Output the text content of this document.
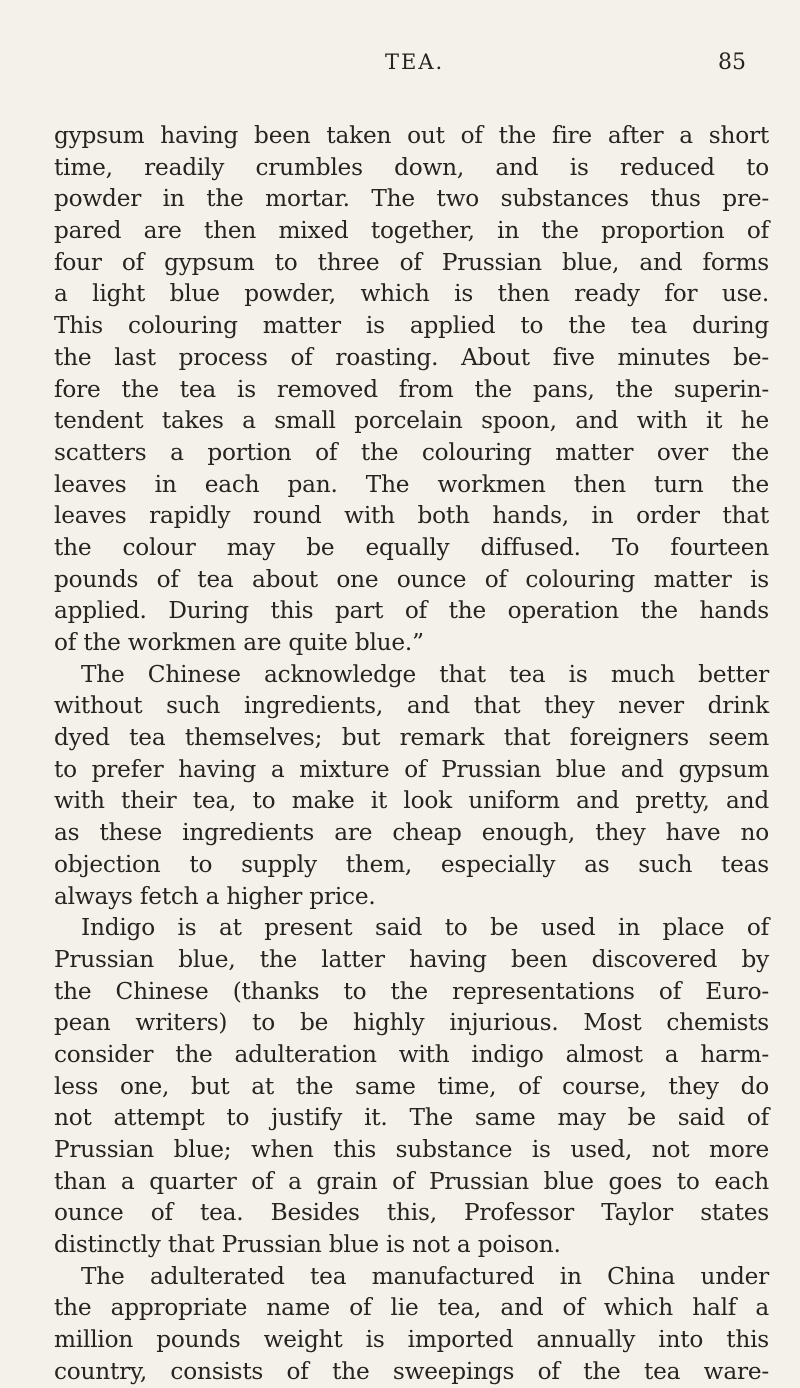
TEA.	85
gypsum having been taken out of the fire after a short
time, readily crumbles down, and is reduced to
powder in the mortar. The two substances thus pre-
pared are then mixed together, in the proportion of
four of gypsum to three of Prussian blue, and forms
a light blue powder, which is then ready for use.
This colouring matter is applied to the tea during
the last process of roasting. About five minutes be-
fore the tea is removed from the pans, the superin-
tendent takes a small porcelain spoon, and with it he
scatters a portion of the colouring matter over the
leaves in each pan. The workmen then turn the
leaves rapidly round with both hands, in order that
the colour may be equally diffused. To fourteen
pounds of tea about one ounce of colouring matter is
applied. During this part of the operation the hands
of the workmen are quite blue.”
The Chinese acknowledge that tea is much better
without such ingredients, and that they never drink
dyed tea themselves; but remark that foreigners seem
to prefer having a mixture of Prussian blue and gypsum
with their tea, to make it look uniform and pretty, and
as these ingredients are cheap enough, they have no
objection to supply them, especially as such teas
always fetch a higher price.
Indigo is at present said to be used in place of
Prussian blue, the latter having been discovered by
the Chinese (thanks to the representations of Euro-
pean writers) to be highly injurious. Most chemists
consider the adulteration with indigo almost a harm-
less one, but at the same time, of course, they do
not attempt to justify it. The same may be said of
Prussian blue; when this substance is used, not more
than a quarter of a grain of Prussian blue goes to each
ounce of tea. Besides this, Professor Taylor states
distinctly that Prussian blue is not a poison.
The adulterated tea manufactured in China under
the appropriate name of lie tea, and of which half a
million pounds weight is imported annually into this
country, consists of the sweepings of the tea ware-
